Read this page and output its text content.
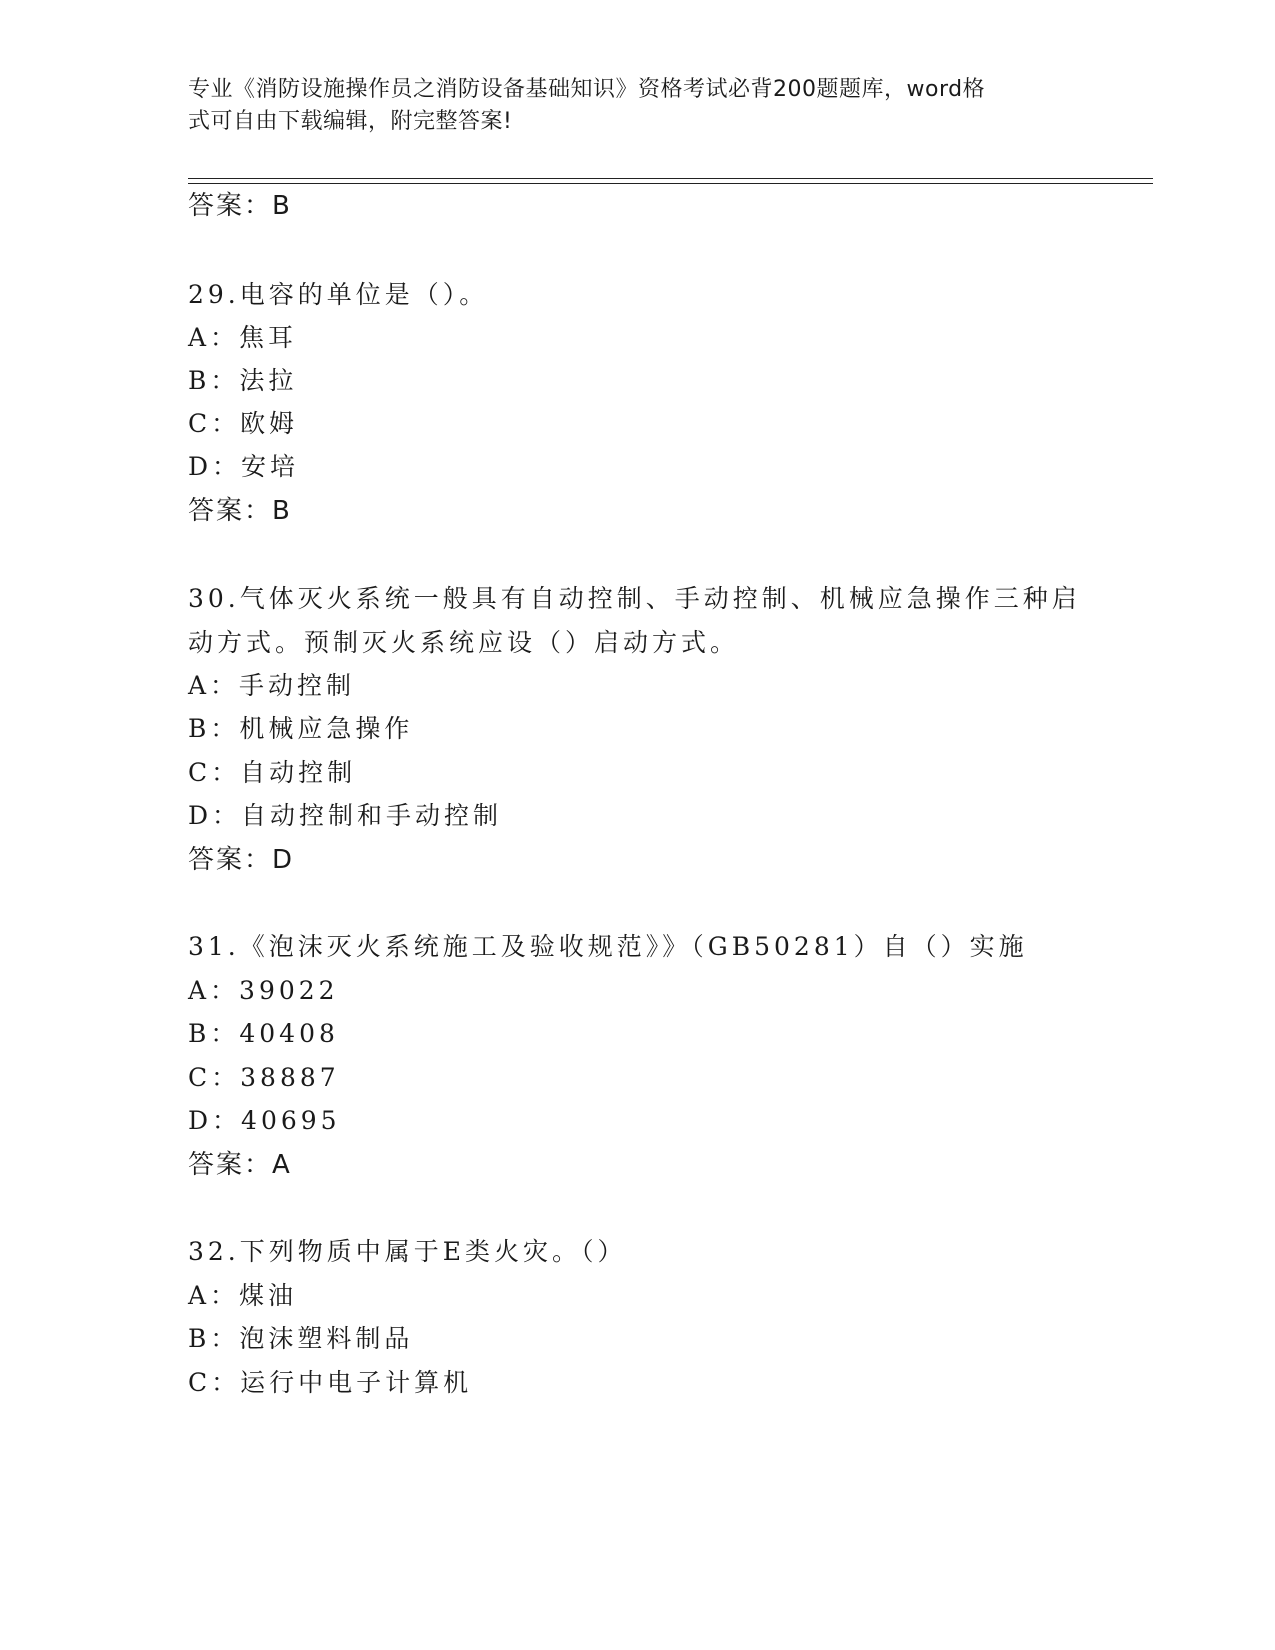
专业《消防设施操作员之消防设备基础知识》资格考试必背200题题库，word格
式可自由下载编辑，附完整答案!
答案：B
29.电容的单位是（）。
A：焦耳
B：法拉
C：欧姆
D：安培
答案：B
30.气体灭火系统一般具有自动控制、手动控制、机械应急操作三种启
动方式。预制灭火系统应设（）启动方式。
A：手动控制
B：机械应急操作
C：自动控制
D：自动控制和手动控制
答案：D
31.《泡沫灭火系统施工及验收规范》》（GB50281）自（）实施
A：39022
B：40408
C：38887
D：40695
答案：A
32.下列物质中属于E类火灾。（）
A：煤油
B：泡沫塑料制品
C：运行中电子计算机
